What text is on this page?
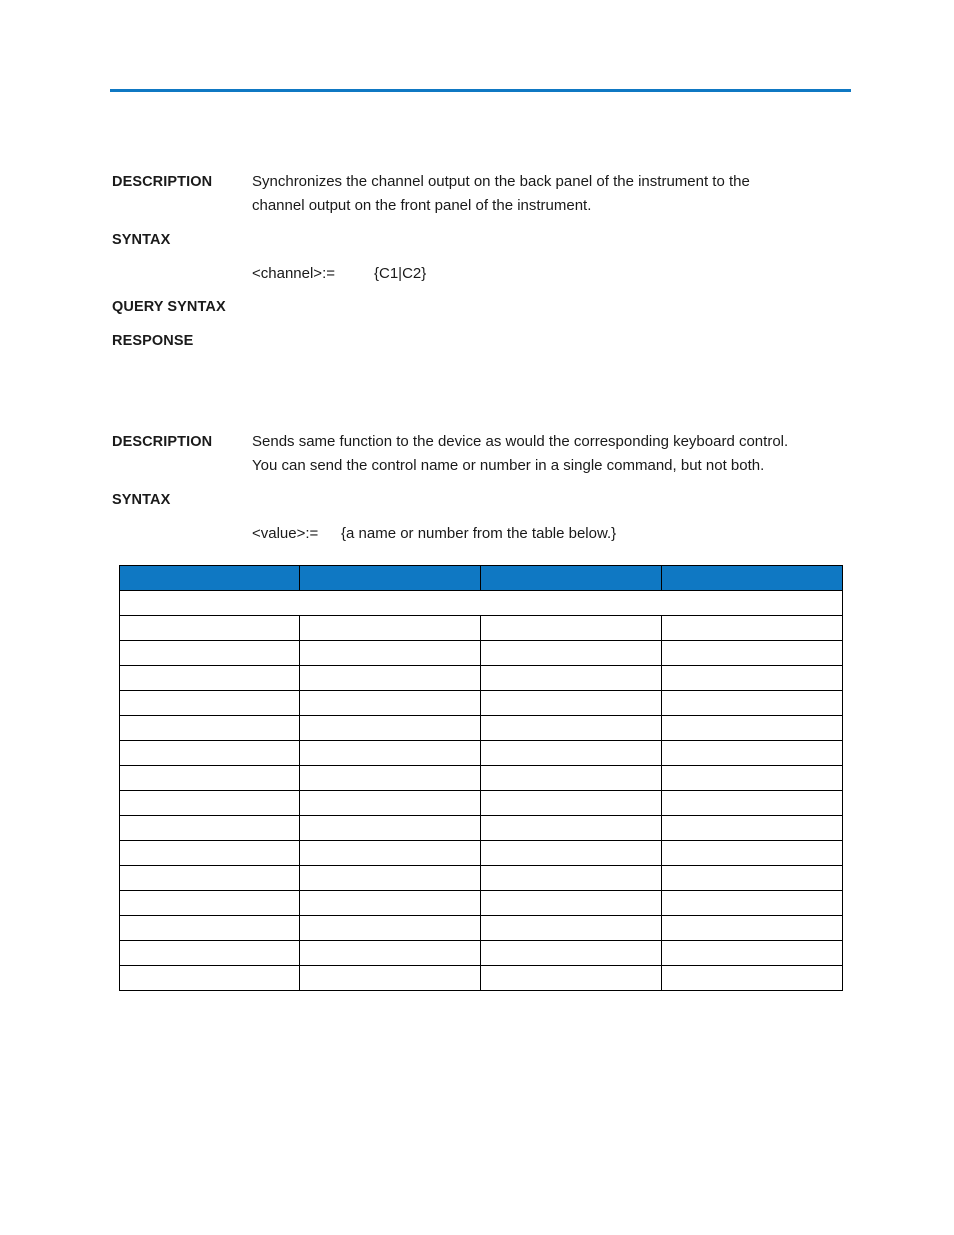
DESCRIPTION	Synchronizes the channel output on the back panel of the instrument to the
channel output on the front panel of the instrument.
SYNTAX
<channel>:=	{C1|C2}
QUERY SYNTAX
RESPONSE
DESCRIPTION	Sends same function to the device as would the corresponding keyboard control.
You can send the control name or number in a single command, but not both.
SYNTAX
<value>:= {a name or number from the table below.}
